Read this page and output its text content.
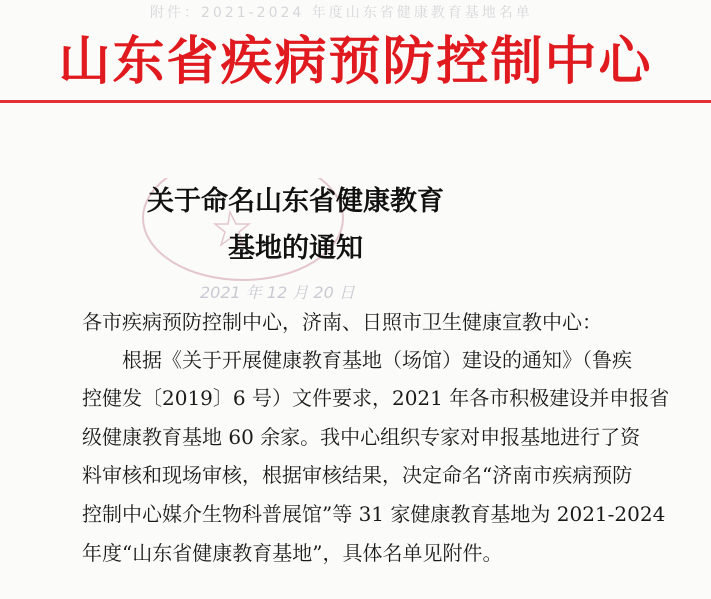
附件：2021-2024 年度山东省健康教育基地名单
山东省疾病预防控制中心
关于命名山东省健康教育
基地的通知
2021 年 12 月 20 日
各市疾病预防控制中心，济南、日照市卫生健康宣教中心：
根据《关于开展健康教育基地（场馆）建设的通知》（鲁疾
控健发〔2019〕6 号）文件要求，2021 年各市积极建设并申报省
级健康教育基地 60 余家。我中心组织专家对申报基地进行了资
料审核和现场审核，根据审核结果，决定命名“济南市疾病预防
控制中心媒介生物科普展馆”等 31 家健康教育基地为 2021-2024
年度“山东省健康教育基地”，具体名单见附件。
